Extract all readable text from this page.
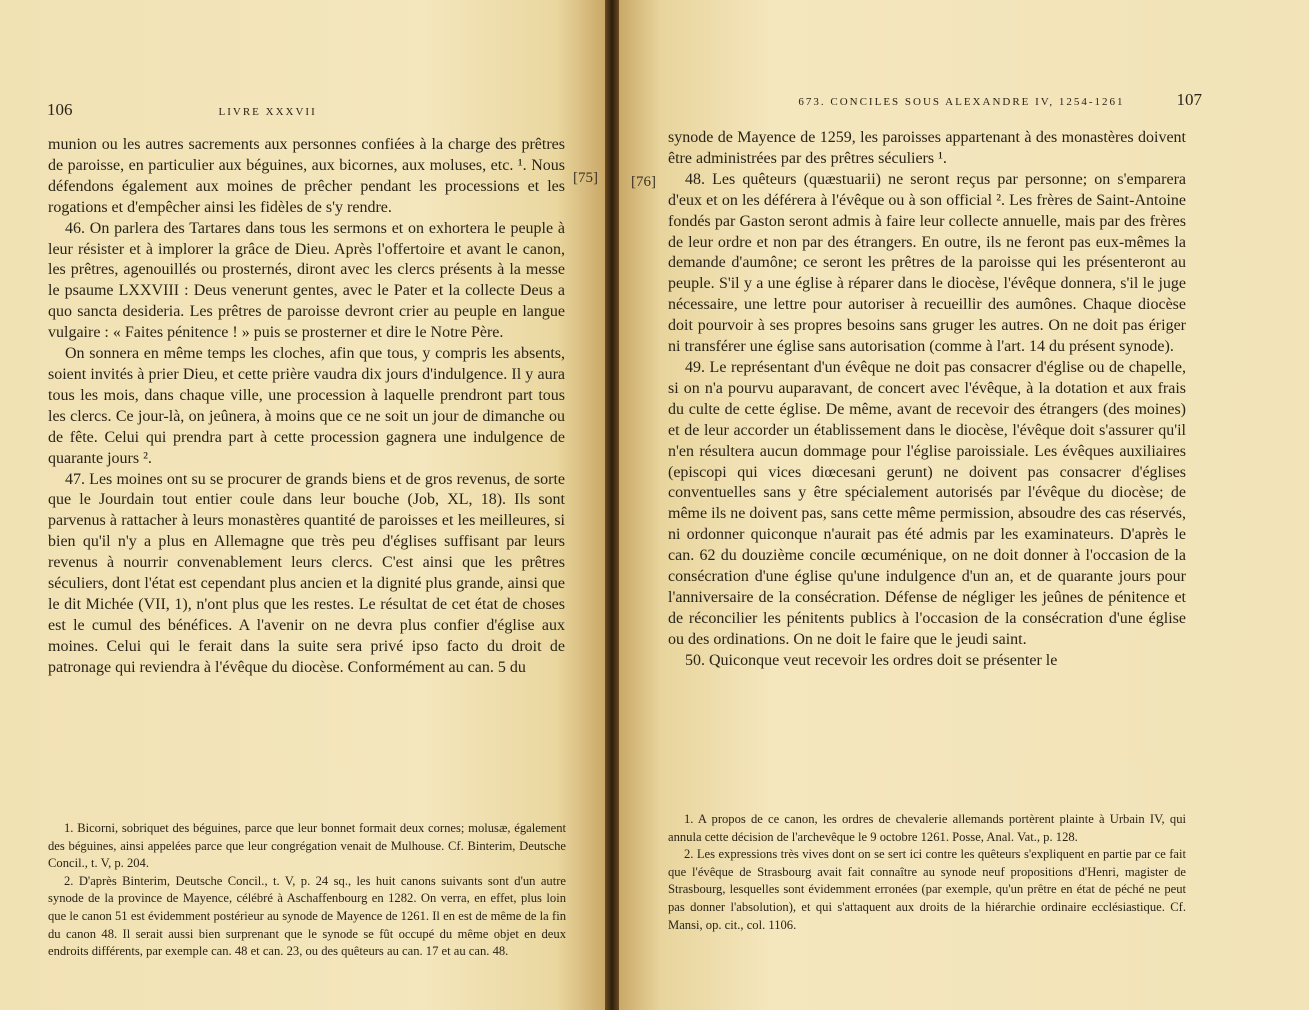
106	LIVRE XXXVII

munion ou les autres sacrements aux personnes confiées à la charge des prêtres de paroisse, en particulier aux béguines, aux bicornes, aux moluses, etc. ¹. Nous défendons également aux moines de prêcher pendant les processions et les rogations et d'empêcher ainsi les fidèles de s'y rendre.

46. On parlera des Tartares dans tous les sermons et on exhortera le peuple à leur résister et à implorer la grâce de Dieu. Après l'offertoire et avant le canon, les prêtres, agenouillés ou prosternés, diront avec les clercs présents à la messe le psaume LXXVIII : Deus venerunt gentes, avec le Pater et la collecte Deus a quo sancta desideria. Les prêtres de paroisse devront crier au peuple en langue vulgaire : « Faites pénitence ! » puis se prosterner et dire le Notre Père.

On sonnera en même temps les cloches, afin que tous, y compris les absents, soient invités à prier Dieu, et cette prière vaudra dix jours d'indulgence. Il y aura tous les mois, dans chaque ville, une procession à laquelle prendront part tous les clercs. Ce jour-là, on jeûnera, à moins que ce ne soit un jour de dimanche ou de fête. Celui qui prendra part à cette procession gagnera une indulgence de quarante jours ².

47. Les moines ont su se procurer de grands biens et de gros revenus, de sorte que le Jourdain tout entier coule dans leur bouche (Job, XL, 18). Ils sont parvenus à rattacher à leurs monastères quantité de paroisses et les meilleures, si bien qu'il n'y a plus en Allemagne que très peu d'églises suffisant par leurs revenus à nourrir convenablement leurs clercs. C'est ainsi que les prêtres séculiers, dont l'état est cependant plus ancien et la dignité plus grande, ainsi que le dit Michée (VII, 1), n'ont plus que les restes. Le résultat de cet état de choses est le cumul des bénéfices. A l'avenir on ne devra plus confier d'église aux moines. Celui qui le ferait dans la suite sera privé ipso facto du droit de patronage qui reviendra à l'évêque du diocèse. Conformément au can. 5 du

1. Bicorni, sobriquet des béguines, parce que leur bonnet formait deux cornes; molusæ, également des béguines, ainsi appelées parce que leur congrégation venait de Mulhouse. Cf. Binterim, Deutsche Concil., t. V, p. 204.

2. D'après Binterim, Deutsche Concil., t. V, p. 24 sq., les huit canons suivants sont d'un autre synode de la province de Mayence, célébré à Aschaffenbourg en 1282. On verra, en effet, plus loin que le canon 51 est évidemment postérieur au synode de Mayence de 1261. Il en est de même de la fin du canon 48. Il serait aussi bien surprenant que le synode se fût occupé du même objet en deux endroits différents, par exemple can. 48 et can. 23, ou des quêteurs au can. 17 et au can. 48.

[75]
673. CONCILES SOUS ALEXANDRE IV, 1254-1261	107
[76]

synode de Mayence de 1259, les paroisses appartenant à des monastères doivent être administrées par des prêtres séculiers ¹.

48. Les quêteurs (quæstuarii) ne seront reçus par personne; on s'emparera d'eux et on les déférera à l'évêque ou à son official ². Les frères de Saint-Antoine fondés par Gaston seront admis à faire leur collecte annuelle, mais par des frères de leur ordre et non par des étrangers. En outre, ils ne feront pas eux-mêmes la demande d'aumône; ce seront les prêtres de la paroisse qui les présenteront au peuple. S'il y a une église à réparer dans le diocèse, l'évêque donnera, s'il le juge nécessaire, une lettre pour autoriser à recueillir des aumônes. Chaque diocèse doit pourvoir à ses propres besoins sans gruger les autres. On ne doit pas ériger ni transférer une église sans autorisation (comme à l'art. 14 du présent synode).

49. Le représentant d'un évêque ne doit pas consacrer d'église ou de chapelle, si on n'a pourvu auparavant, de concert avec l'évêque, à la dotation et aux frais du culte de cette église. De même, avant de recevoir des étrangers (des moines) et de leur accorder un établissement dans le diocèse, l'évêque doit s'assurer qu'il n'en résultera aucun dommage pour l'église paroissiale. Les évêques auxiliaires (episcopi qui vices diœcesani gerunt) ne doivent pas consacrer d'églises conventuelles sans y être spécialement autorisés par l'évêque du diocèse; de même ils ne doivent pas, sans cette même permission, absoudre des cas réservés, ni ordonner quiconque n'aurait pas été admis par les examinateurs. D'après le can. 62 du douzième concile œcuménique, on ne doit donner à l'occasion de la consécration d'une église qu'une indulgence d'un an, et de quarante jours pour l'anniversaire de la consécration. Défense de négliger les jeûnes de pénitence et de réconcilier les pénitents publics à l'occasion de la consécration d'une église ou des ordinations. On ne doit le faire que le jeudi saint.

50. Quiconque veut recevoir les ordres doit se présenter le

1. A propos de ce canon, les ordres de chevalerie allemands portèrent plainte à Urbain IV, qui annula cette décision de l'archevêque le 9 octobre 1261. Posse, Anal. Vat., p. 128.

2. Les expressions très vives dont on se sert ici contre les quêteurs s'expliquent en partie par ce fait que l'évêque de Strasbourg avait fait connaître au synode neuf propositions d'Henri, magister de Strasbourg, lesquelles sont évidemment erronées (par exemple, qu'un prêtre en état de péché ne peut pas donner l'absolution), et qui s'attaquent aux droits de la hiérarchie ordinaire ecclésiastique. Cf. Mansi, op. cit., col. 1106.
